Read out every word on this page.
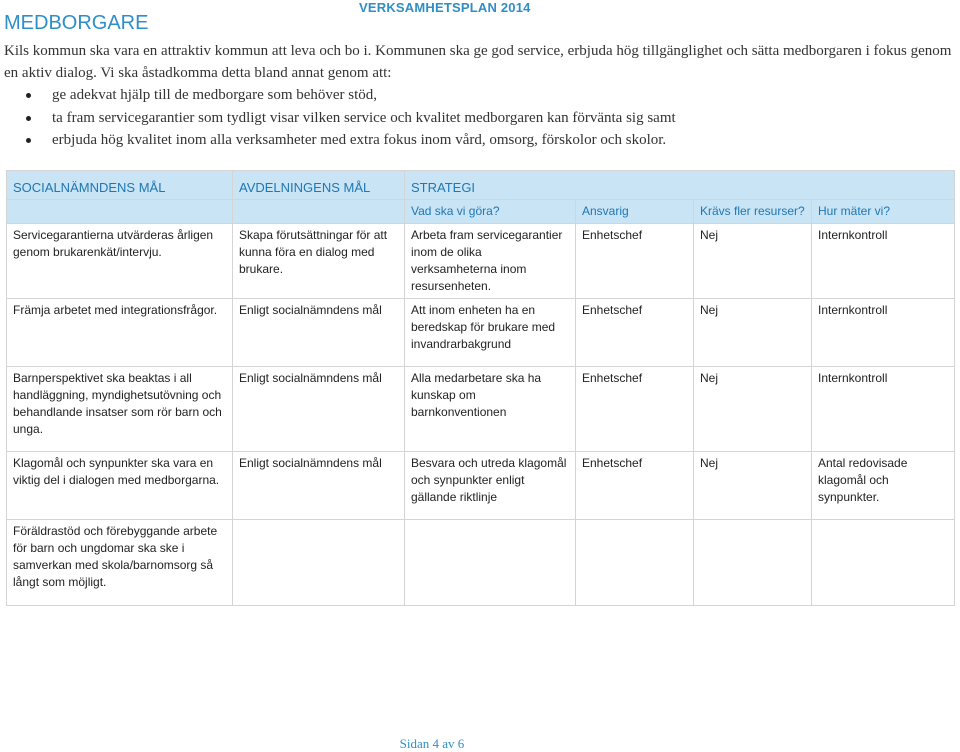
VERKSAMHETSPLAN 2014
MEDBORGARE

Kils kommun ska vara en attraktiv kommun att leva och bo i. Kommunen ska ge god service, erbjuda hög tillgänglighet och sätta medborgaren i fokus genom en aktiv dialog. Vi ska åstadkomma detta bland annat genom att:

ge adekvat hjälp till de medborgare som behöver stöd,
ta fram servicegarantier som tydligt visar vilken service och kvalitet medborgaren kan förvänta sig samt
erbjuda hög kvalitet inom alla verksamheter med extra fokus inom vård, omsorg, förskolor och skolor.
SOCIALNÄMNDENS MÅL	AVDELNINGENS MÅL	STRATEGI			
		Vad ska vi göra?	Ansvarig	Krävs fler resurser?	Hur mäter vi?
Servicegarantierna utvärderas årligen genom brukarenkät/intervju.	Skapa förutsättningar för att kunna föra en dialog med brukare.	Arbeta fram servicegarantier inom de olika verksamheterna inom resursenheten.	Enhetschef	Nej	Internkontroll
Främja arbetet med integrationsfrågor.	Enligt socialnämndens mål	Att inom enheten ha en beredskap för brukare med invandrarbakgrund	Enhetschef	Nej	Internkontroll
Barnperspektivet ska beaktas i all handläggning, myndighetsutövning och behandlande insatser som rör barn och unga.	Enligt socialnämndens mål	Alla medarbetare ska ha kunskap om barnkonventionen	Enhetschef	Nej	Internkontroll
Klagomål och synpunkter ska vara en viktig del i dialogen med medborgarna.	Enligt socialnämndens mål	Besvara och utreda klagomål och synpunkter enligt gällande riktlinje	Enhetschef	Nej	Antal redovisade klagomål och synpunkter.
Föräldrastöd och förebyggande arbete för barn och ungdomar ska ske i samverkan med skola/barnomsorg så långt som möjligt.					
Sidan 4 av 6
